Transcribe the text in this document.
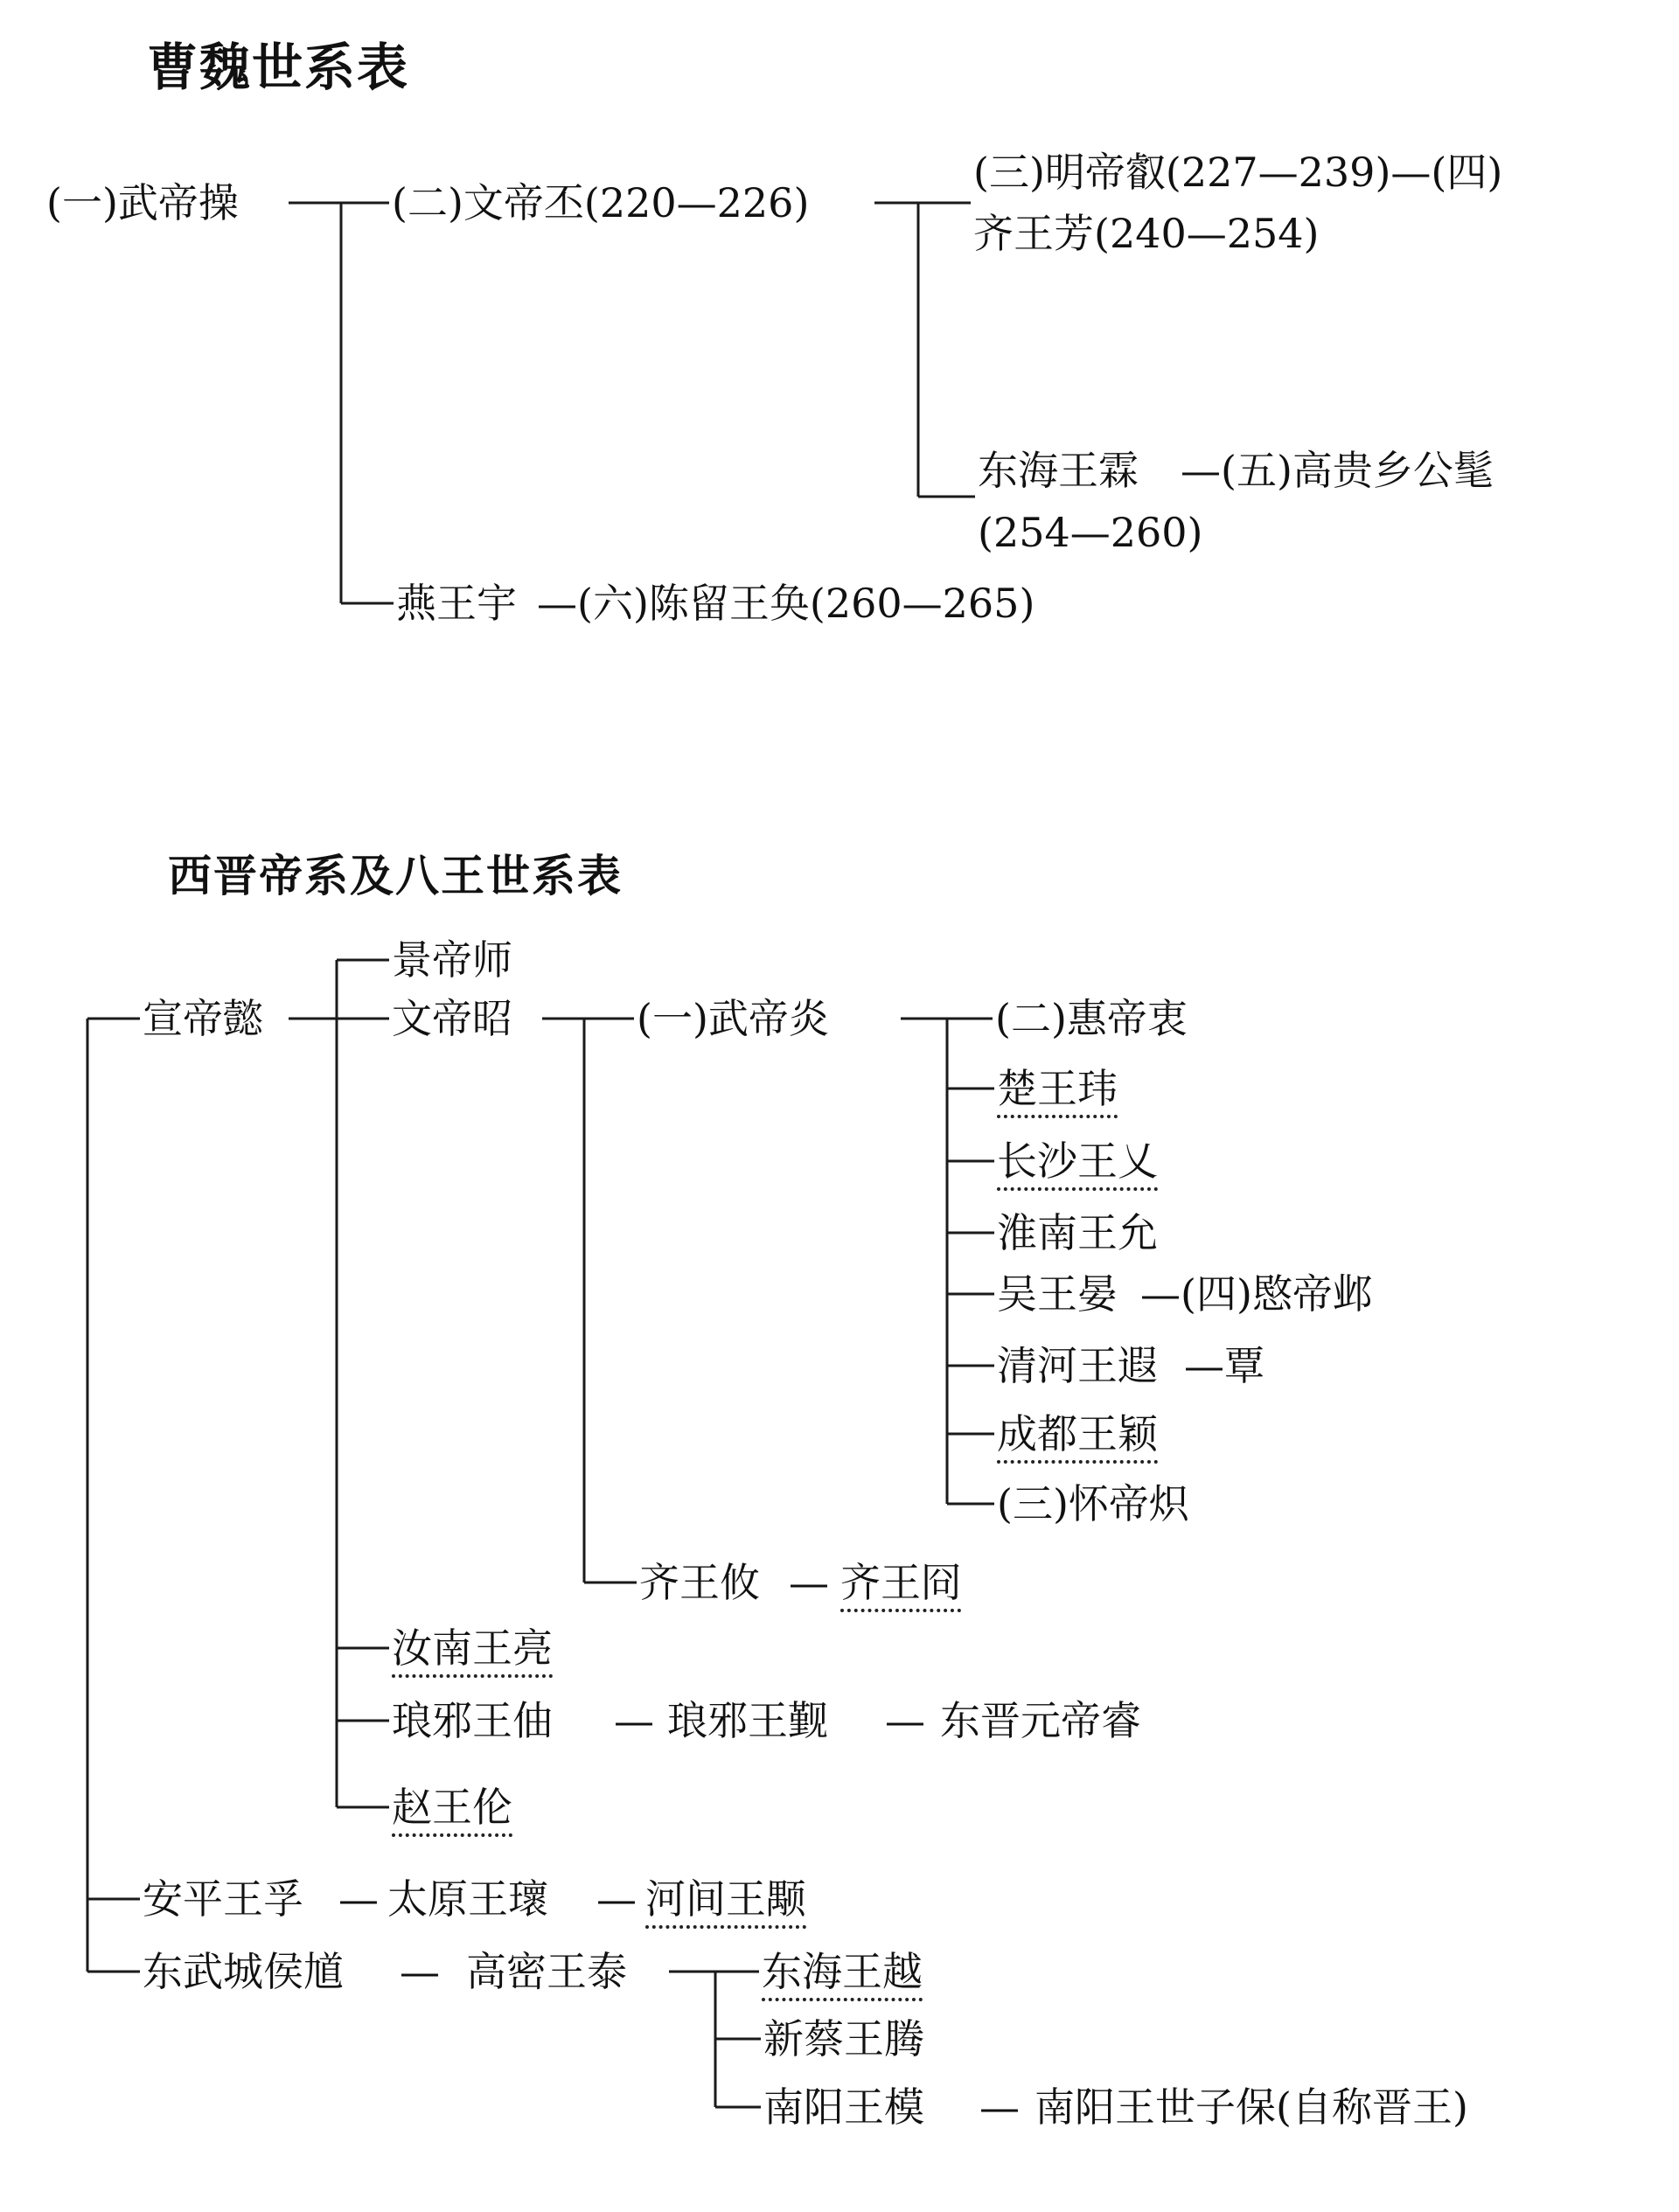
曹魏世系表
西晋帝系及八王世系表
(一)武帝操	(二)文帝丕(220—226)
(三)明帝叡(227—239)—(四)
齐王芳(240—254)
东海王霖 —(五)高贵乡公髦
(254—260)
燕王宇 —(六)陈留王奂(260—265)
宣帝懿
景帝师
文帝昭	(一)武帝炎	(二)惠帝衷
楚王玮
长沙王乂
淮南王允
吴王晏 —(四)愍帝邺
清河王遐 —覃
成都王颖
(三)怀帝炽
齐王攸 — 齐王冏
汝南王亮
琅邪王伷 — 琅邪王觐 — 东晋元帝睿
赵王伦
安平王孚 — 太原王瓌 — 河间王颙
东武城侯馗 — 高密王泰	东海王越
新蔡王腾
南阳王模 — 南阳王世子保(自称晋王)
